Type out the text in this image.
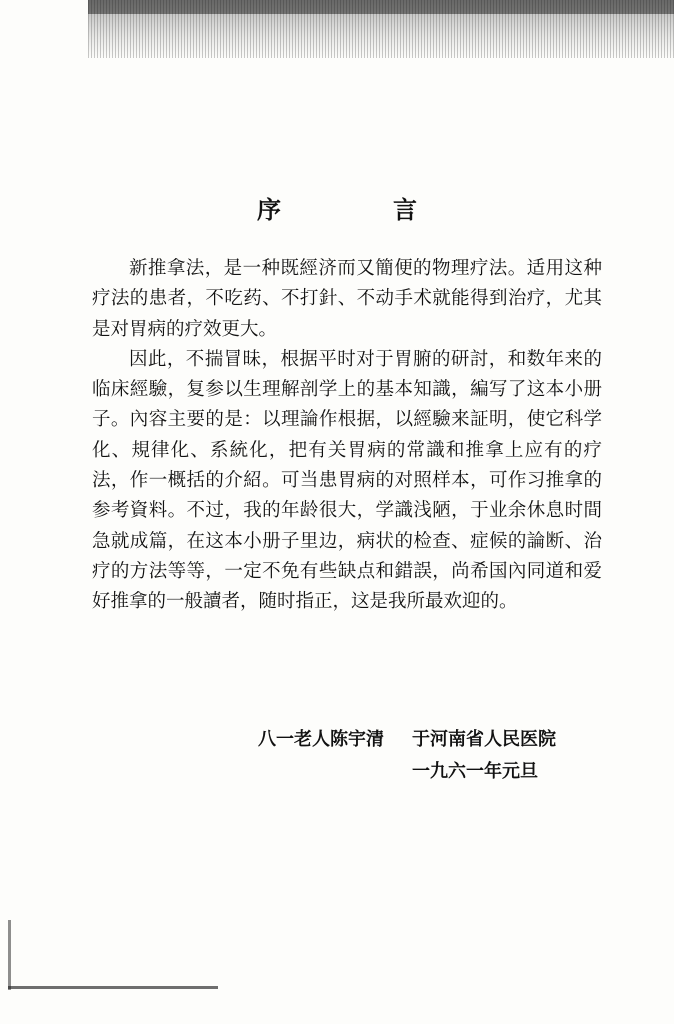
序　言

新推拿法，是一种既經济而又簡便的物理疗法。适用这种疗法的患者，不吃药、不打針、不动手术就能得到治疗，尤其是对胃病的疗效更大。

因此，不揣冒昧，根据平时对于胃腑的研討，和数年来的临床經驗，复参以生理解剖学上的基本知識，編写了这本小册子。內容主要的是：以理論作根据，以經驗来証明，使它科学化、規律化、系統化，把有关胃病的常識和推拿上应有的疗法，作一概括的介紹。可当患胃病的对照样本，可作习推拿的参考資料。不过，我的年龄很大，学識浅陋，于业余休息时間急就成篇，在这本小册子里边，病状的检查、症候的論断、治疗的方法等等，一定不免有些缺点和錯誤，尚希国內同道和爱好推拿的一般讀者，随时指正，这是我所最欢迎的。

八一老人陈宇清 于河南省人民医院
一九六一年元旦
